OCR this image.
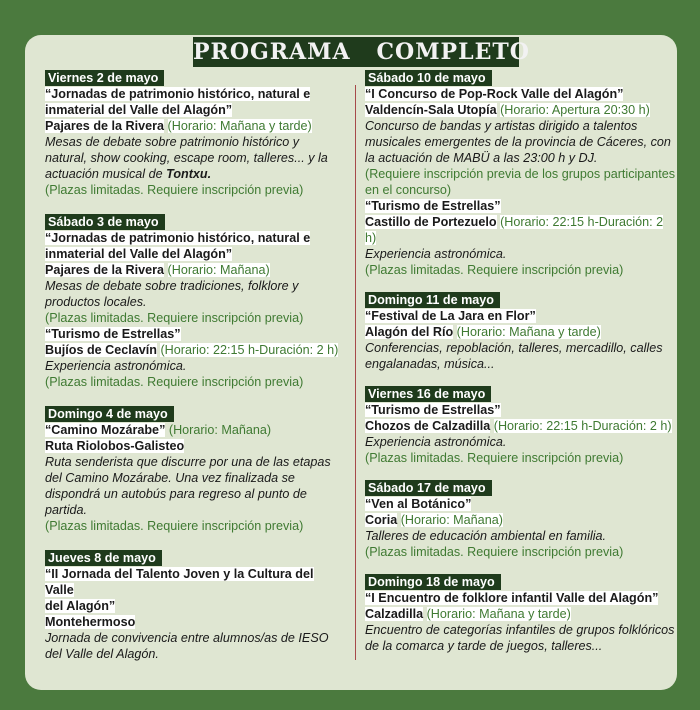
PROGRAMA   COMPLETO
Viernes 2 de mayo
“Jornadas de patrimonio histórico, natural e
inmaterial del Valle del Alagón”
Pajares de la Rivera (Horario: Mañana y tarde)
Mesas de debate sobre patrimonio histórico y natural, show cooking, escape room, talleres... y la actuación musical de Tontxu.
(Plazas limitadas. Requiere inscripción previa)
Sábado 3 de mayo
“Jornadas de patrimonio histórico, natural e
inmaterial del Valle del Alagón”
Pajares de la Rivera (Horario: Mañana)
Mesas de debate sobre tradiciones, folklore y productos locales.
(Plazas limitadas. Requiere inscripción previa)
“Turismo de Estrellas”
Bujíos de Ceclavín (Horario: 22:15 h-Duración: 2 h)
Experiencia astronómica.
(Plazas limitadas. Requiere inscripción previa)
Domingo 4 de mayo
“Camino Mozárabe” (Horario: Mañana)
Ruta Riolobos-Galisteo
Ruta senderista que discurre por una de las etapas del Camino Mozárabe. Una vez finalizada se dispondrá un autobús para regreso al punto de partida.
(Plazas limitadas. Requiere inscripción previa)
Jueves 8 de mayo
“II Jornada del Talento Joven y la Cultura del Valle
del Alagón”
Montehermoso
Jornada de convivencia entre alumnos/as de IESO del Valle del Alagón.
Sábado 10 de mayo
“I Concurso de Pop-Rock Valle del Alagón”
Valdencín-Sala Utopía (Horario: Apertura 20:30 h)
Concurso de bandas y artistas dirigido a talentos musicales emergentes de la provincia de Cáceres, con la actuación de MABÜ a las 23:00 h y DJ.
(Requiere inscripción previa de los grupos participantes en el concurso)
“Turismo de Estrellas”
Castillo de Portezuelo (Horario: 22:15 h-Duración: 2 h)
Experiencia astronómica.
(Plazas limitadas. Requiere inscripción previa)
Domingo 11 de mayo
“Festival de La Jara en Flor”
Alagón del Río (Horario: Mañana y tarde)
Conferencias, repoblación, talleres, mercadillo, calles engalanadas, música...
Viernes 16 de mayo
“Turismo de Estrellas”
Chozos de Calzadilla (Horario: 22:15 h-Duración: 2 h)
Experiencia astronómica.
(Plazas limitadas. Requiere inscripción previa)
Sábado 17 de mayo
“Ven al Botánico”
Coria (Horario: Mañana)
Talleres de educación ambiental en familia.
(Plazas limitadas. Requiere inscripción previa)
Domingo 18 de mayo
“I Encuentro de folklore infantil Valle del Alagón”
Calzadilla (Horario: Mañana y tarde)
Encuentro de categorías infantiles de grupos folklóricos de la comarca y tarde de juegos, talleres...
